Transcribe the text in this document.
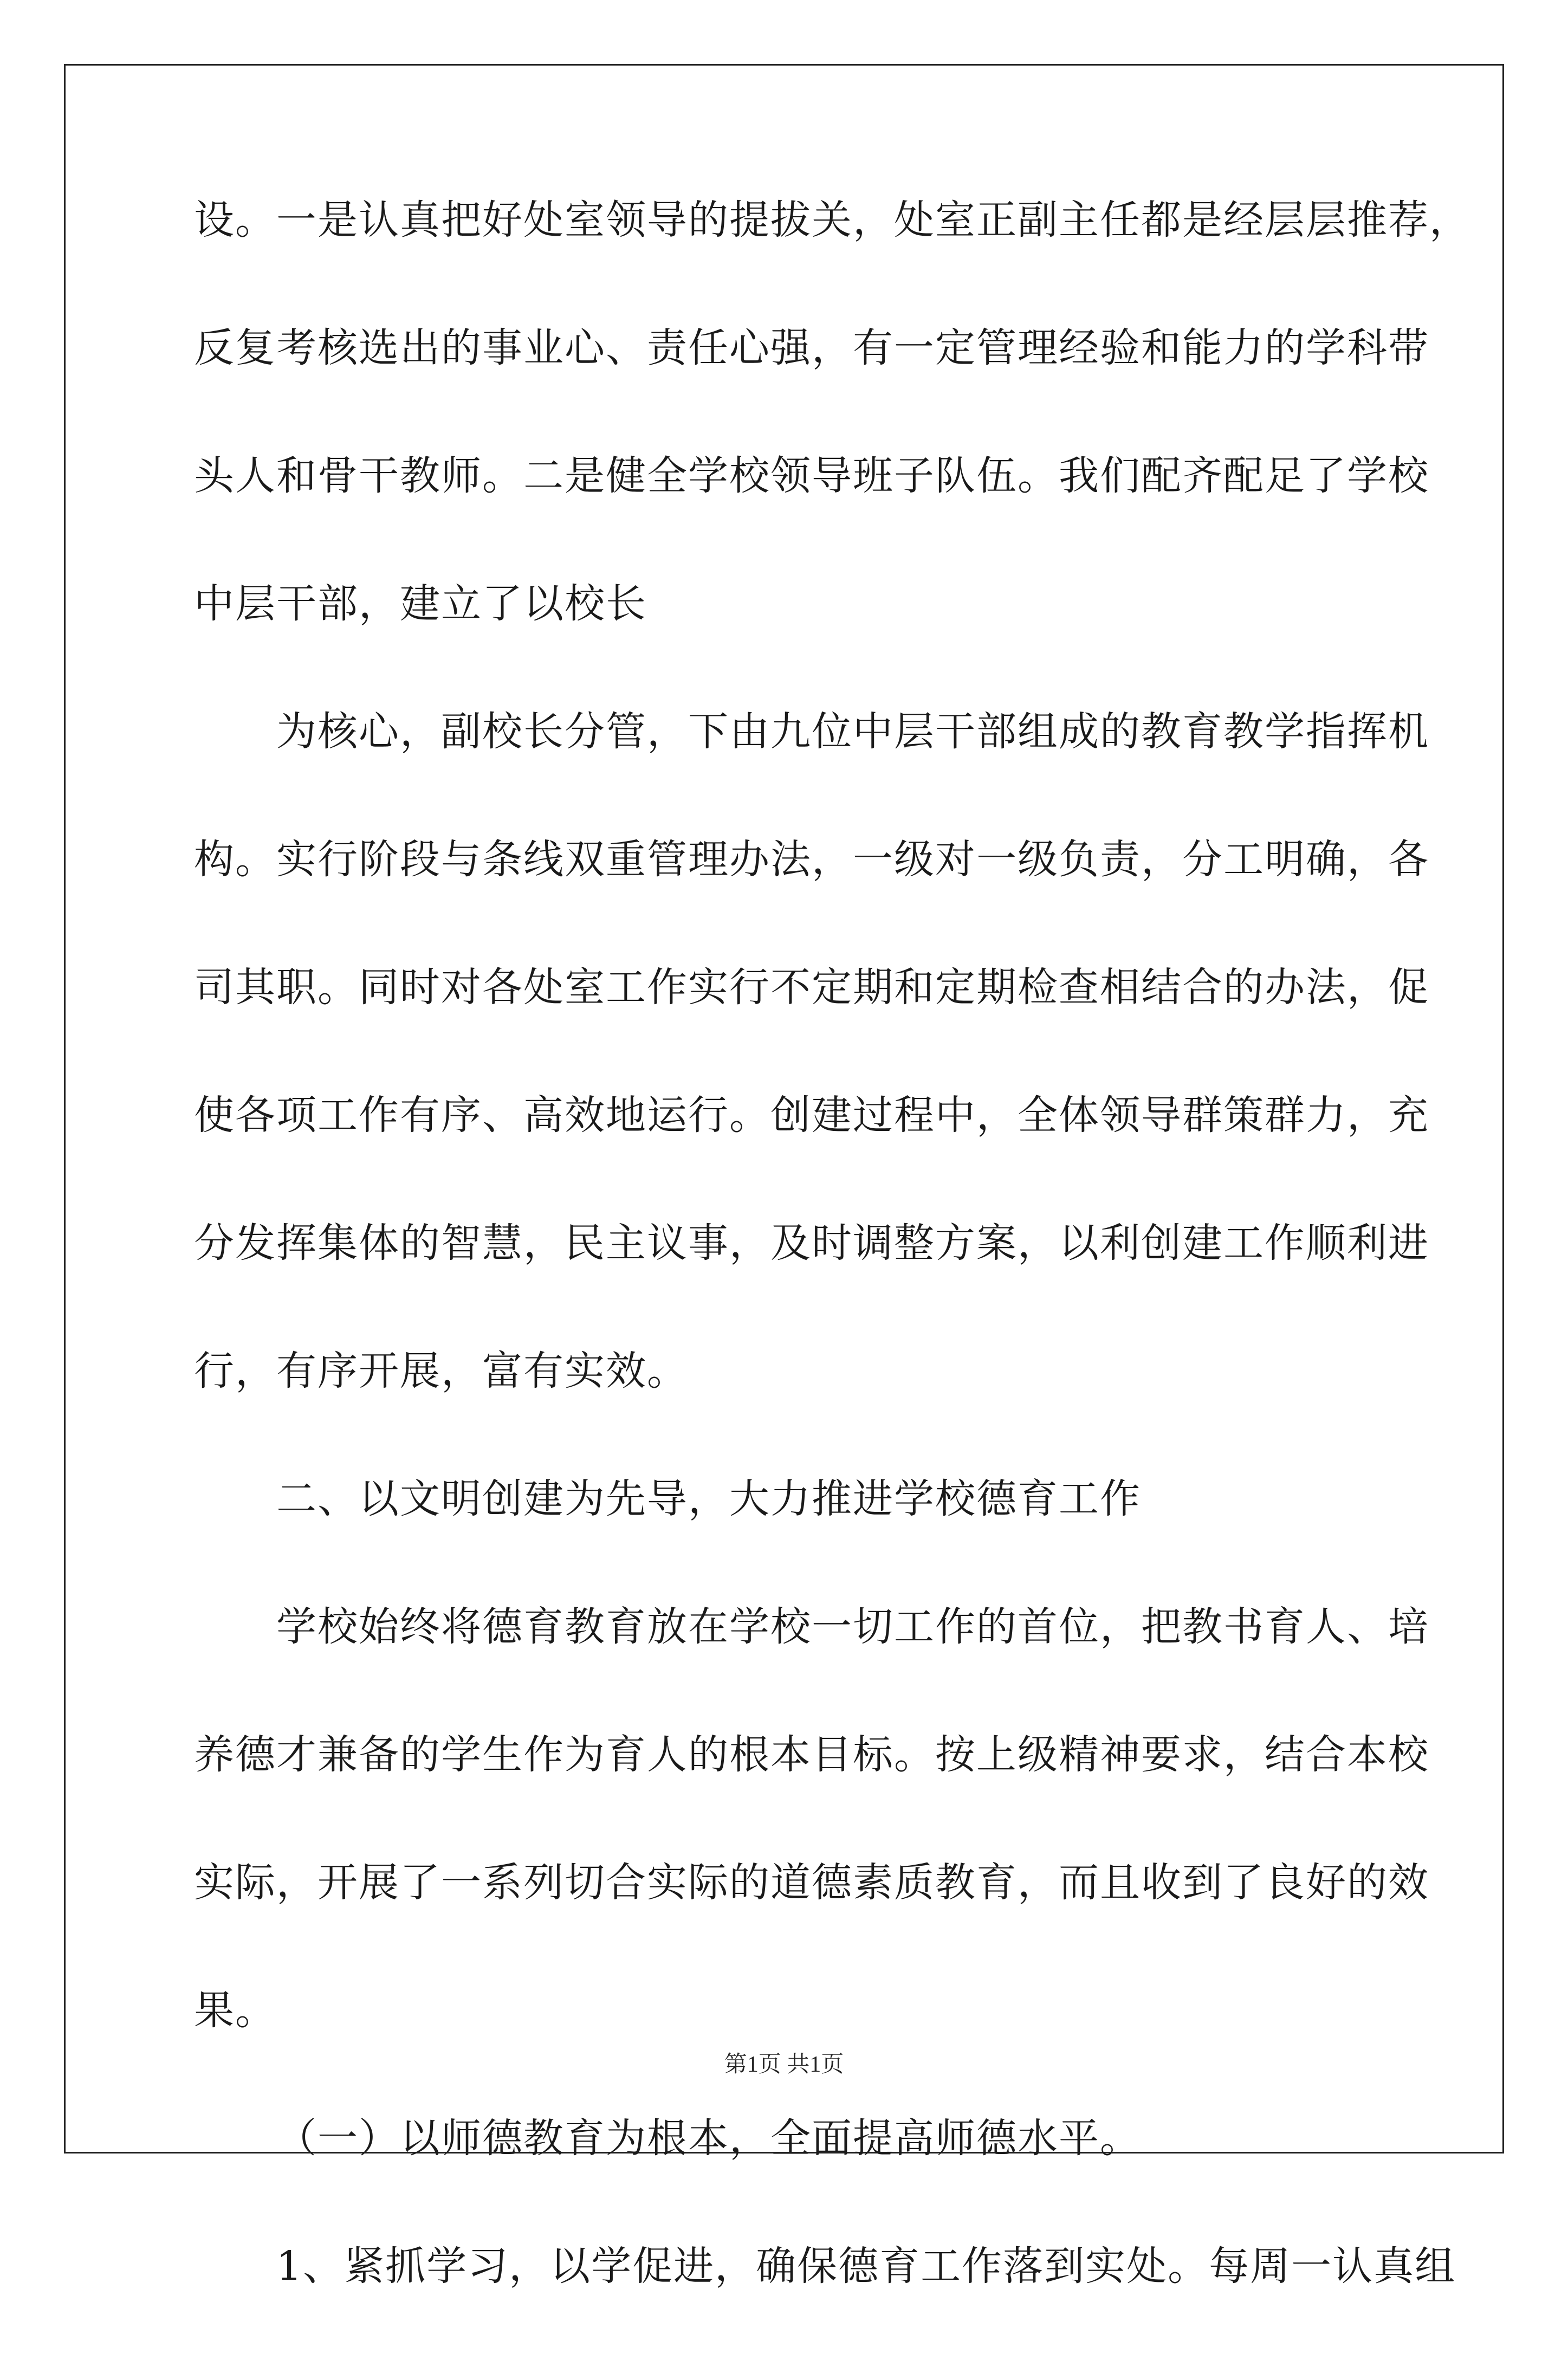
设。一是认真把好处室领导的提拔关，处室正副主任都是经层层推荐，

反复考核选出的事业心、责任心强，有一定管理经验和能力的学科带

头人和骨干教师。二是健全学校领导班子队伍。我们配齐配足了学校

中层干部，建立了以校长

为核心，副校长分管，下由九位中层干部组成的教育教学指挥机

构。实行阶段与条线双重管理办法，一级对一级负责，分工明确，各

司其职。同时对各处室工作实行不定期和定期检查相结合的办法，促

使各项工作有序、高效地运行。创建过程中，全体领导群策群力，充

分发挥集体的智慧，民主议事，及时调整方案，以利创建工作顺利进

行，有序开展，富有实效。

二、以文明创建为先导，大力推进学校德育工作

学校始终将德育教育放在学校一切工作的首位，把教书育人、培

养德才兼备的学生作为育人的根本目标。按上级精神要求，结合本校

实际，开展了一系列切合实际的道德素质教育，而且收到了良好的效

果。

（一）以师德教育为根本，全面提高师德水平。

1、紧抓学习，以学促进，确保德育工作落到实处。每周一认真组

第1页 共1页
